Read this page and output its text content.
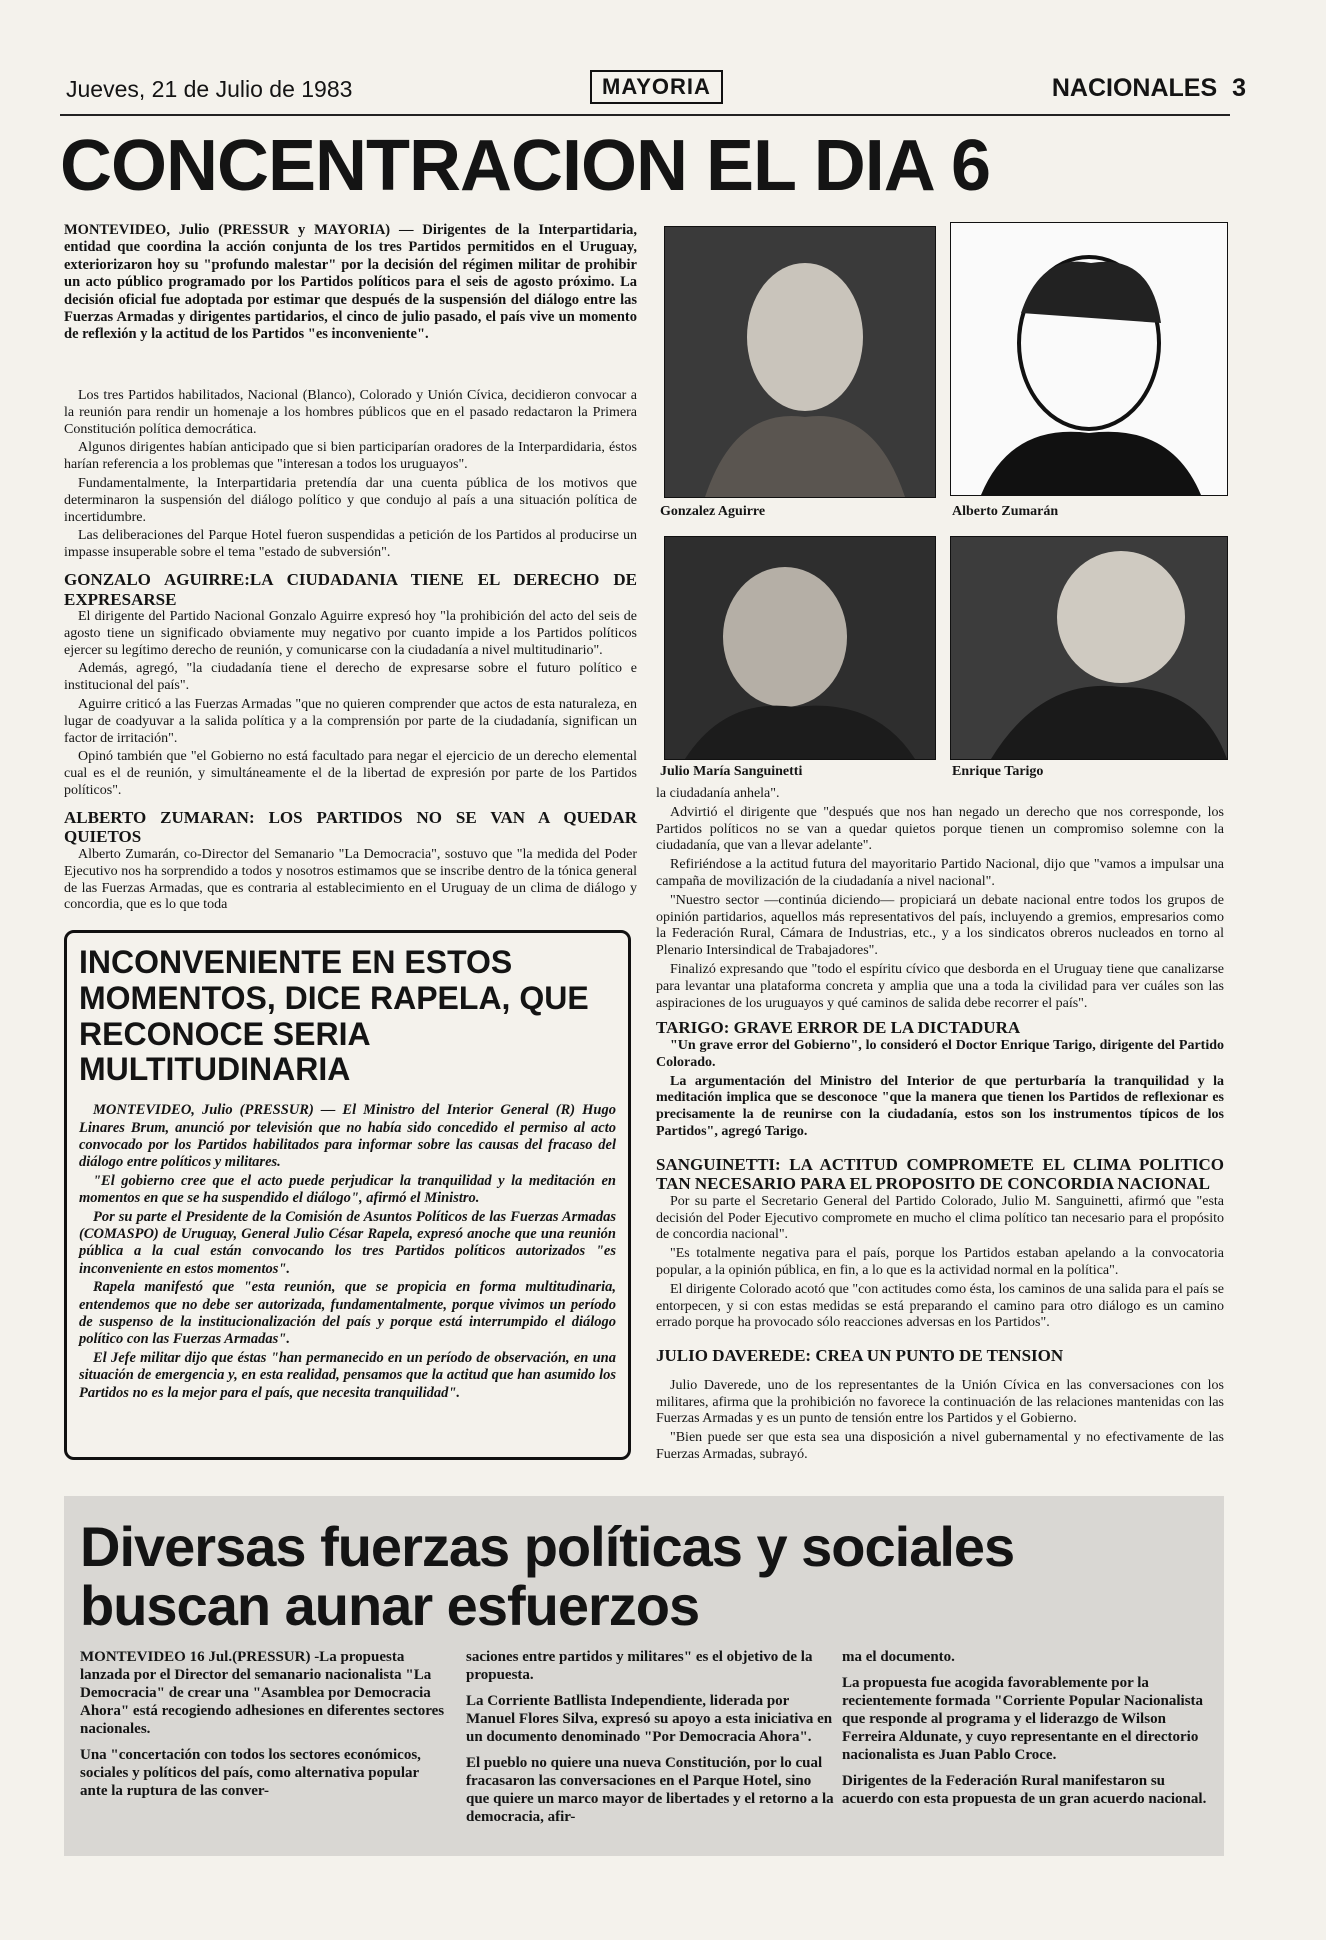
Jueves, 21 de Julio de 1983	MAYORIA	NACIONALES 3
CONCENTRACION EL DIA 6
MONTEVIDEO, Julio (PRESSUR y MAYORIA) — Dirigentes de la Interpartidaria, entidad que coordina la acción conjunta de los tres Partidos permitidos en el Uruguay, exteriorizaron hoy su "profundo malestar" por la decisión del régimen militar de prohibir un acto público programado por los Partidos políticos para el seis de agosto próximo. La decisión oficial fue adoptada por estimar que después de la suspensión del diálogo entre las Fuerzas Armadas y dirigentes partidarios, el cinco de julio pasado, el país vive un momento de reflexión y la actitud de los Partidos "es inconveniente".

Los tres Partidos habilitados, Nacional (Blanco), Colorado y Unión Cívica, decidieron convocar a la reunión para rendir un homenaje a los hombres públicos que en el pasado redactaron la Primera Constitución política democrática.

Algunos dirigentes habían anticipado que si bien participarían oradores de la Interpardidaria, éstos harían referencia a los problemas que "interesan a todos los uruguayos".

Fundamentalmente, la Interpartidaria pretendía dar una cuenta pública de los motivos que determinaron la suspensión del diálogo político y que condujo al país a una situación política de incertidumbre.

Las deliberaciones del Parque Hotel fueron suspendidas a petición de los Partidos al producirse un impasse insuperable sobre el tema "estado de subversión".

GONZALO AGUIRRE:LA CIUDADANIA TIENE EL DERECHO DE EXPRESARSE

El dirigente del Partido Nacional Gonzalo Aguirre expresó hoy "la prohibición del acto del seis de agosto tiene un significado obviamente muy negativo por cuanto impide a los Partidos políticos ejercer su legítimo derecho de reunión, y comunicarse con la ciudadanía a nivel multitudinario".

Además, agregó, "la ciudadanía tiene el derecho de expresarse sobre el futuro político e institucional del país".

Aguirre criticó a las Fuerzas Armadas "que no quieren comprender que actos de esta naturaleza, en lugar de coadyuvar a la salida política y a la comprensión por parte de la ciudadanía, significan un factor de irritación".

Opinó también que "el Gobierno no está facultado para negar el ejercicio de un derecho elemental cual es el de reunión, y simultáneamente el de la libertad de expresión por parte de los Partidos políticos".

ALBERTO ZUMARAN: LOS PARTIDOS NO SE VAN A QUEDAR QUIETOS

Alberto Zumarán, co-Director del Semanario "La Democracia", sostuvo que "la medida del Poder Ejecutivo nos ha sorprendido a todos y nosotros estimamos que se inscribe dentro de la tónica general de las Fuerzas Armadas, que es contraria al establecimiento en el Uruguay de un clima de diálogo y concordia, que es lo que toda

Gonzalez Aguirre	Alberto Zumarán
Julio María Sanguinetti	Enrique Tarigo

la ciudadanía anhela".

Advirtió el dirigente que "después que nos han negado un derecho que nos corresponde, los Partidos políticos no se van a quedar quietos porque tienen un compromiso solemne con la ciudadanía, que van a llevar adelante".

Refiriéndose a la actitud futura del mayoritario Partido Nacional, dijo que "vamos a impulsar una campaña de movilización de la ciudadanía a nivel nacional".

"Nuestro sector —continúa diciendo— propiciará un debate nacional entre todos los grupos de opinión partidarios, aquellos más representativos del país, incluyendo a gremios, empresarios como la Federación Rural, Cámara de Industrias, etc., y a los sindicatos obreros nucleados en torno al Plenario Intersindical de Trabajadores".

Finalizó expresando que "todo el espíritu cívico que desborda en el Uruguay tiene que canalizarse para levantar una plataforma concreta y amplia que una a toda la civilidad para ver cuáles son las aspiraciones de los uruguayos y qué caminos de salida debe recorrer el país".

TARIGO: GRAVE ERROR DE LA DICTADURA

"Un grave error del Gobierno", lo consideró el Doctor Enrique Tarigo, dirigente del Partido Colorado.

La argumentación del Ministro del Interior de que perturbaría la tranquilidad y la meditación implica que se desconoce "que la manera que tienen los Partidos de reflexionar es precisamente la de reunirse con la ciudadanía, estos son los instrumentos típicos de los Partidos", agregó Tarigo.

SANGUINETTI: LA ACTITUD COMPROMETE EL CLIMA POLITICO TAN NECESARIO PARA EL PROPOSITO DE CONCORDIA NACIONAL

Por su parte el Secretario General del Partido Colorado, Julio M. Sanguinetti, afirmó que "esta decisión del Poder Ejecutivo compromete en mucho el clima político tan necesario para el propósito de concordia nacional".

"Es totalmente negativa para el país, porque los Partidos estaban apelando a la convocatoria popular, a la opinión pública, en fin, a lo que es la actividad normal en la política".

El dirigente Colorado acotó que "con actitudes como ésta, los caminos de una salida para el país se entorpecen, y si con estas medidas se está preparando el camino para otro diálogo es un camino errado porque ha provocado sólo reacciones adversas en los Partidos".

JULIO DAVEREDE: CREA UN PUNTO DE TENSION

Julio Daverede, uno de los representantes de la Unión Cívica en las conversaciones con los militares, afirma que la prohibición no favorece la continuación de las relaciones mantenidas con las Fuerzas Armadas y es un punto de tensión entre los Partidos y el Gobierno.

"Bien puede ser que esta sea una disposición a nivel gubernamental y no efectivamente de las Fuerzas Armadas, subrayó.

INCONVENIENTE EN ESTOS MOMENTOS, DICE RAPELA, QUE RECONOCE SERIA MULTITUDINARIA

MONTEVIDEO, Julio (PRESSUR) — El Ministro del Interior General (R) Hugo Linares Brum, anunció por televisión que no había sido concedido el permiso al acto convocado por los Partidos habilitados para informar sobre las causas del fracaso del diálogo entre políticos y militares.

"El gobierno cree que el acto puede perjudicar la tranquilidad y la meditación en momentos en que se ha suspendido el diálogo", afirmó el Ministro.

Por su parte el Presidente de la Comisión de Asuntos Políticos de las Fuerzas Armadas (COMASPO) de Uruguay, General Julio César Rapela, expresó anoche que una reunión pública a la cual están convocando los tres Partidos políticos autorizados "es inconveniente en estos momentos".

Rapela manifestó que "esta reunión, que se propicia en forma multitudinaria, entendemos que no debe ser autorizada, fundamentalmente, porque vivimos un período de suspenso de la institucionalización del país y porque está interrumpido el diálogo político con las Fuerzas Armadas".

El Jefe militar dijo que éstas "han permanecido en un período de observación, en una situación de emergencia y, en esta realidad, pensamos que la actitud que han asumido los Partidos no es la mejor para el país, que necesita tranquilidad".

Diversas fuerzas políticas y sociales buscan aunar esfuerzos

MONTEVIDEO 16 Jul.(PRESSUR) -La propuesta lanzada por el Director del semanario nacionalista "La Democracia" de crear una "Asamblea por Democracia Ahora" está recogiendo adhesiones en diferentes sectores nacionales.

Una "concertación con todos los sectores económicos, sociales y políticos del país, como alternativa popular ante la ruptura de las conver-

saciones entre partidos y militares" es el objetivo de la propuesta.

La Corriente Batllista Independiente, liderada por Manuel Flores Silva, expresó su apoyo a esta iniciativa en un documento denominado "Por Democracia Ahora".

El pueblo no quiere una nueva Constitución, por lo cual fracasaron las conversaciones en el Parque Hotel, sino que quiere un marco mayor de libertades y el retorno a la democracia, afir-

ma el documento.

La propuesta fue acogida favorablemente por la recientemente formada "Corriente Popular Nacionalista que responde al programa y el liderazgo de Wilson Ferreira Aldunate, y cuyo representante en el directorio nacionalista es Juan Pablo Croce.

Dirigentes de la Federación Rural manifestaron su acuerdo con esta propuesta de un gran acuerdo nacional.
